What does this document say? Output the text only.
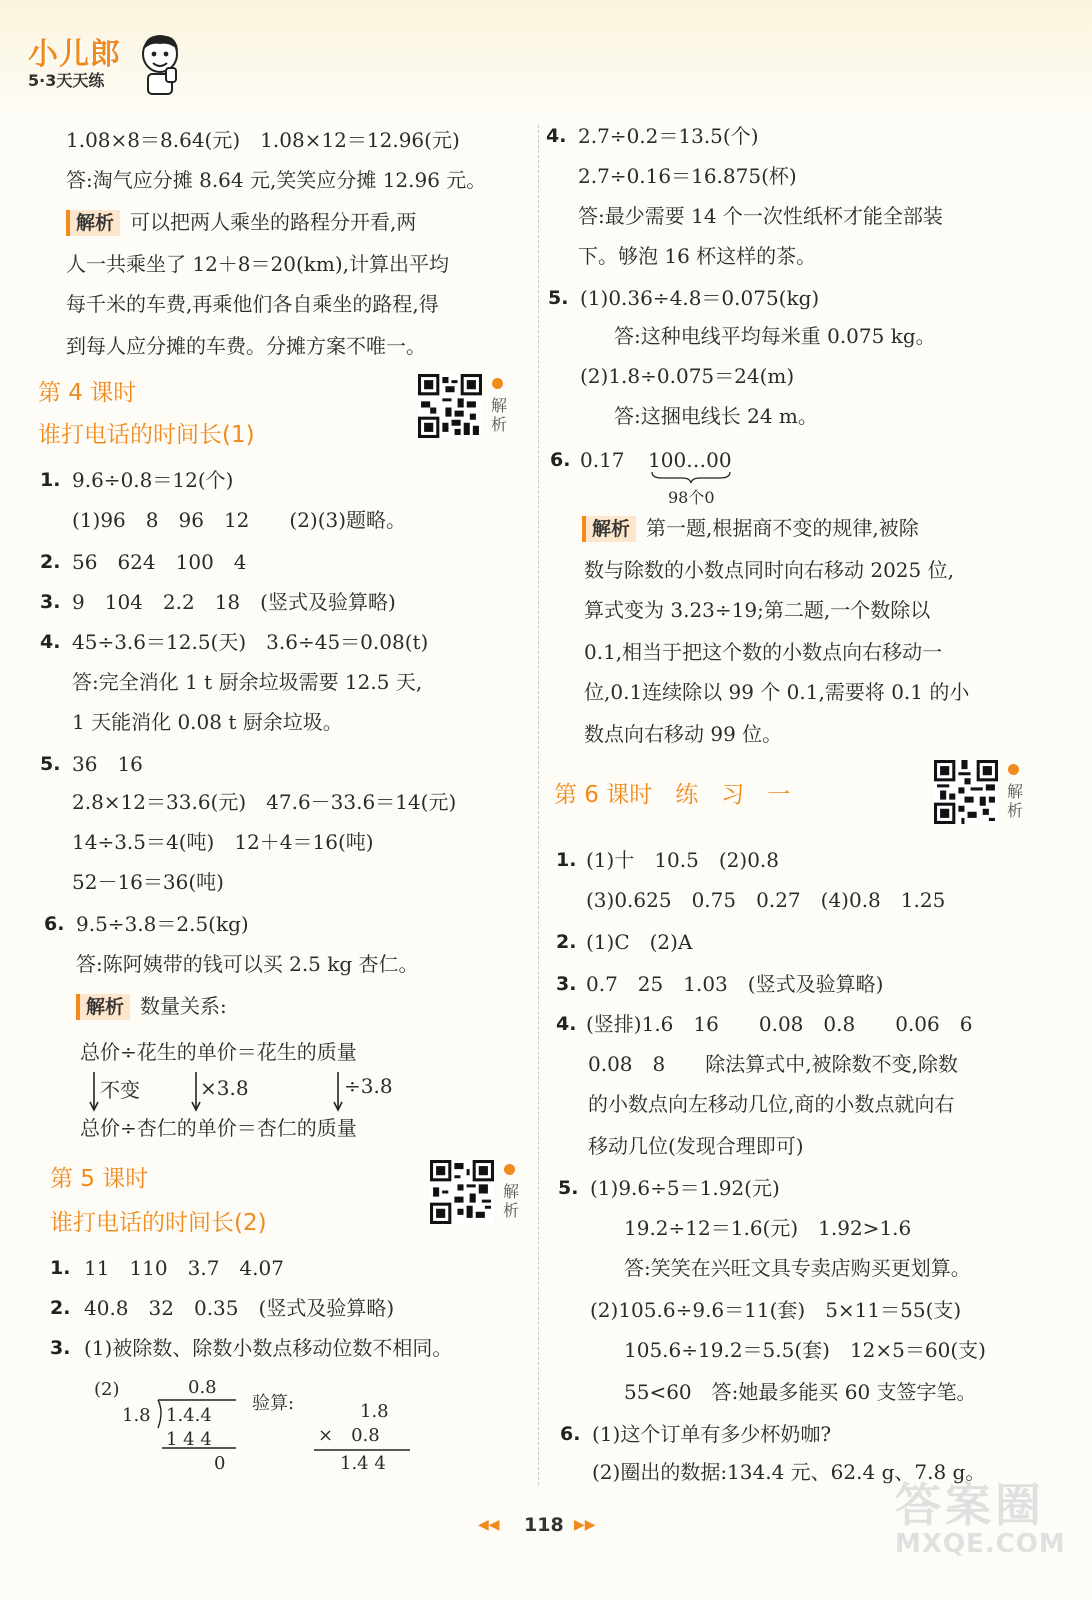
小儿郎
5·3天天练
1.08×8＝8.64(元)　1.08×12＝12.96(元)
答:淘气应分摊 8.64 元,笑笑应分摊 12.96 元。
解析 可以把两人乘坐的路程分开看,两
人一共乘坐了 12＋8＝20(km),计算出平均
每千米的车费,再乘他们各自乘坐的路程,得
到每人应分摊的车费。分摊方案不唯一。
第 4 课时
谁打电话的时间长(1)
解析
1. 9.6÷0.8＝12(个)
(1)96　8　96　12　　(2)(3)题略。
2. 56　624　100　4
3. 9　104　2.2　18　(竖式及验算略)
4. 45÷3.6＝12.5(天)　3.6÷45＝0.08(t)
答:完全消化 1 t 厨余垃圾需要 12.5 天,
1 天能消化 0.08 t 厨余垃圾。
5. 36　16
2.8×12＝33.6(元)　47.6－33.6＝14(元)
14÷3.5＝4(吨)　12＋4＝16(吨)
52－16＝36(吨)
6. 9.5÷3.8＝2.5(kg)
答:陈阿姨带的钱可以买 2.5 kg 杏仁。
解析 数量关系:
总价÷花生的单价＝花生的质量
不变	×3.8	÷3.8
总价÷杏仁的单价＝杏仁的质量
第 5 课时
谁打电话的时间长(2)
解析
1. 11　110　3.7　4.07
2. 40.8　32　0.35　(竖式及验算略)
3. (1)被除数、除数小数点移动位数不相同。
(2)	0.8
1.8 1.4.4
1 4 4
0
验算:	1.8
×　0.8
1.4 4
4. 2.7÷0.2＝13.5(个)
2.7÷0.16＝16.875(杯)
答:最少需要 14 个一次性纸杯才能全部装
下。够泡 16 杯这样的茶。
5. (1)0.36÷4.8＝0.075(kg)
答:这种电线平均每米重 0.075 kg。
(2)1.8÷0.075＝24(m)
答:这捆电线长 24 m。
6. 0.17 100…00
98个0
解析 第一题,根据商不变的规律,被除
数与除数的小数点同时向右移动 2025 位,
算式变为 3.23÷19;第二题,一个数除以
0.1,相当于把这个数的小数点向右移动一
位,0.1连续除以 99 个 0.1,需要将 0.1 的小
数点向右移动 99 位。
第 6 课时　练　习　一	解析
1. (1)十　10.5　(2)0.8
(3)0.625　0.75　0.27　(4)0.8　1.25
2. (1)C　(2)A
3. 0.7　25　1.03　(竖式及验算略)
4. (竖排)1.6　16　　0.08　0.8　　0.06　6
0.08　8　　除法算式中,被除数不变,除数
的小数点向左移动几位,商的小数点就向右
移动几位(发现合理即可)
5. (1)9.6÷5＝1.92(元)
19.2÷12＝1.6(元)　1.92>1.6
答:笑笑在兴旺文具专卖店购买更划算。
(2)105.6÷9.6＝11(套)　5×11＝55(支)
105.6÷19.2＝5.5(套)　12×5＝60(支)
55<60　答:她最多能买 60 支签字笔。
6. (1)这个订单有多少杯奶咖?
(2)圈出的数据:134.4 元、62.4 g、7.8 g。
◀◀ 118 ▶▶	答案圈
MXQE.COM
